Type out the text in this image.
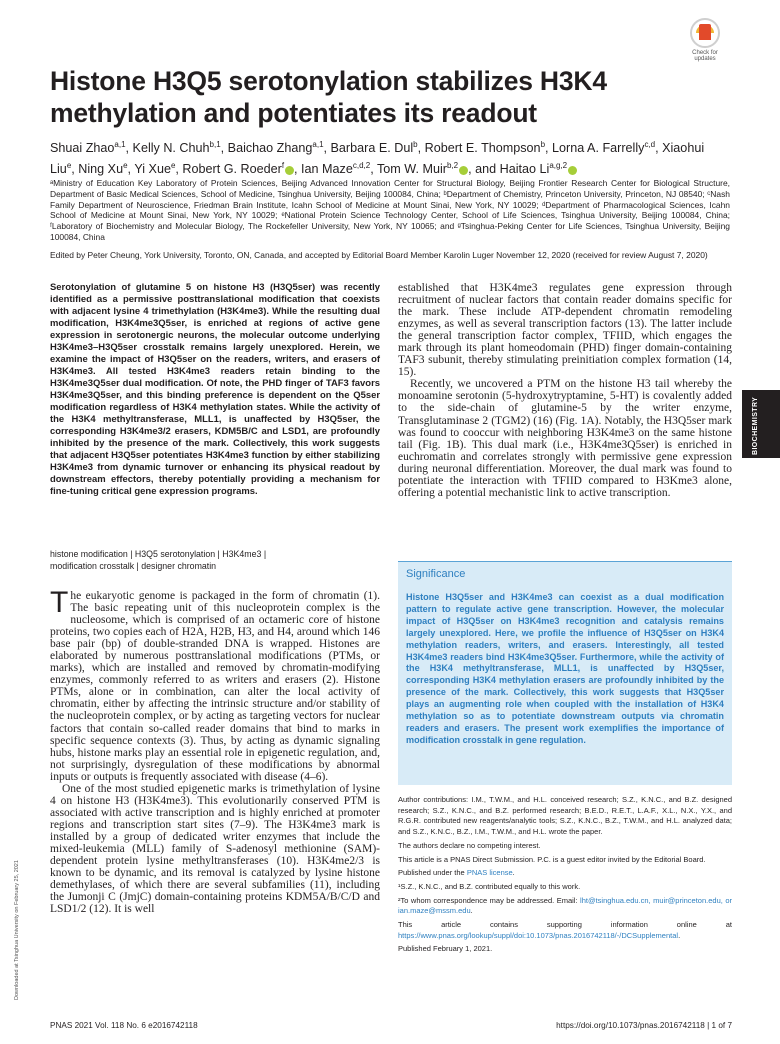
Check for updates
Histone H3Q5 serotonylation stabilizes H3K4 methylation and potentiates its readout
Shuai Zhao$^{a,1}$, Kelly N. Chuh$^{b,1}$, Baichao Zhang$^{a,1}$, Barbara E. Dul$^b$, Robert E. Thompson$^b$, Lorna A. Farrelly$^{c,d}$, Xiaohui Liu$^e$, Ning Xu$^e$, Yi Xue$^e$, Robert G. Roeder$^f$ , Ian Maze$^{c,d,2}$, Tom W. Muir$^{b,2}$ , and Haitao Li$^{a,g,2}$
ᵃMinistry of Education Key Laboratory of Protein Sciences, Beijing Advanced Innovation Center for Structural Biology, Beijing Frontier Research Center for Biological Structure, Department of Basic Medical Sciences, School of Medicine, Tsinghua University, Beijing 100084, China; ᵇDepartment of Chemistry, Princeton University, Princeton, NJ 08540; ᶜNash Family Department of Neuroscience, Friedman Brain Institute, Icahn School of Medicine at Mount Sinai, New York, NY 10029; ᵈDepartment of Pharmacological Sciences, Icahn School of Medicine at Mount Sinai, New York, NY 10029; ᵉNational Protein Science Technology Center, School of Life Sciences, Tsinghua University, Beijing 100084, China; ᶠLaboratory of Biochemistry and Molecular Biology, The Rockefeller University, New York, NY 10065; and ᵍTsinghua-Peking Center for Life Sciences, Tsinghua University, Beijing 100084, China
Edited by Peter Cheung, York University, Toronto, ON, Canada, and accepted by Editorial Board Member Karolin Luger November 12, 2020 (received for review August 7, 2020)
Serotonylation of glutamine 5 on histone H3 (H3Q5ser) was recently identified as a permissive posttranslational modification that coexists with adjacent lysine 4 trimethylation (H3K4me3). While the resulting dual modification, H3K4me3Q5ser, is enriched at regions of active gene expression in serotonergic neurons, the molecular outcome underlying H3K4me3–H3Q5ser crosstalk remains largely unexplored. Herein, we examine the impact of H3Q5ser on the readers, writers, and erasers of H3K4me3. All tested H3K4me3 readers retain binding to the H3K4me3Q5ser dual modification. Of note, the PHD finger of TAF3 favors H3K4me3Q5ser, and this binding preference is dependent on the Q5ser modification regardless of H3K4 methylation states. While the activity of the H3K4 methyltransferase, MLL1, is unaffected by H3Q5ser, the corresponding H3K4me3/2 erasers, KDM5B/C and LSD1, are profoundly inhibited by the presence of the mark. Collectively, this work suggests that adjacent H3Q5ser potentiates H3K4me3 function by either stabilizing H3K4me3 from dynamic turnover or enhancing its physical readout by downstream effectors, thereby potentially providing a mechanism for fine-tuning critical gene expression programs.
histone modification | H3Q5 serotonylation | H3K4me3 |
modification crosstalk | designer chromatin

The eukaryotic genome is packaged in the form of chromatin (1). The basic repeating unit of this nucleoprotein complex is the nucleosome, which is comprised of an octameric core of histone proteins, two copies each of H2A, H2B, H3, and H4, around which 146 base pair (bp) of double-stranded DNA is wrapped. Histones are elaborated by numerous posttranslational modifications (PTMs, or marks), which are installed and removed by chromatin-modifying enzymes, commonly referred to as writers and erasers (2). Histone PTMs, alone or in combination, can alter the local activity of chromatin, either by affecting the intrinsic structure and/or stability of the nucleoprotein complex, or by acting as targeting vectors for nuclear factors that contain so-called reader domains that bind to marks in specific sequence contexts (3). Thus, by acting as dynamic signaling hubs, histone marks play an essential role in epigenetic regulation, and, not surprisingly, dysregulation of these modifications by abnormal inputs or outputs is frequently associated with disease (4–6).

One of the most studied epigenetic marks is trimethylation of lysine 4 on histone H3 (H3K4me3). This evolutionarily conserved PTM is associated with active transcription and is highly enriched at promoter regions and transcription start sites (7–9). The H3K4me3 mark is installed by a group of dedicated writer enzymes that include the mixed-leukemia (MLL) family of S-adenosyl methionine (SAM)-dependent protein lysine methyltransferases (10). H3K4me2/3 is known to be dynamic, and its removal is catalyzed by lysine histone demethylases, of which there are several subfamilies (11), including the Jumonji C (JmjC) domain-containing proteins KDM5A/B/C/D and LSD1/2 (12). It is well

established that H3K4me3 regulates gene expression through recruitment of nuclear factors that contain reader domains specific for the mark. These include ATP-dependent chromatin remodeling enzymes, as well as several transcription factors (13). The latter include the general transcription factor complex, TFIID, which engages the mark through its plant homeodomain (PHD) finger domain-containing TAF3 subunit, thereby stimulating preinitiation complex formation (14, 15).

Recently, we uncovered a PTM on the histone H3 tail whereby the monoamine serotonin (5-hydroxytryptamine, 5-HT) is covalently added to the side-chain of glutamine-5 by the writer enzyme, Transglutaminase 2 (TGM2) (16) (Fig. 1A). Notably, the H3Q5ser mark was found to cooccur with neighboring H3K4me3 on the same histone tail (Fig. 1B). This dual mark (i.e., H3K4me3Q5ser) is enriched in euchromatin and correlates strongly with permissive gene expression during neuronal differentiation. Moreover, the dual mark was found to potentiate the interaction with TFIID compared to H3Kme3 alone, offering a potential mechanistic link to active transcription.

Significance
Histone H3Q5ser and H3K4me3 can coexist as a dual modification pattern to regulate active gene transcription. However, the molecular impact of H3Q5ser on H3K4me3 recognition and catalysis remains largely unexplored. Here, we profile the influence of H3Q5ser on H3K4 methylation readers, writers, and erasers. Interestingly, all tested H3K4me3 readers bind H3K4me3Q5ser. Furthermore, while the activity of the H3K4 methyltransferase, MLL1, is unaffected by H3Q5ser, corresponding H3K4 methylation erasers are profoundly inhibited by the presence of the mark. Collectively, this work suggests that H3Q5ser plays an augmenting role when coupled with the installation of H3K4 methylation so as to potentiate downstream outputs via chromatin readers and erasers. The present work exemplifies the importance of modification crosstalk in gene regulation.

Author contributions: I.M., T.W.M., and H.L. conceived research; S.Z., K.N.C., and B.Z. designed research; S.Z., K.N.C., and B.Z. performed research; B.E.D., R.E.T., L.A.F., X.L., N.X., Y.X., and R.G.R. contributed new reagents/analytic tools; S.Z., K.N.C., B.Z., T.W.M., and H.L. analyzed data; and S.Z., K.N.C., B.Z., I.M., T.W.M., and H.L. wrote the paper.

The authors declare no competing interest.

This article is a PNAS Direct Submission. P.C. is a guest editor invited by the Editorial Board.

Published under the PNAS license.

¹S.Z., K.N.C., and B.Z. contributed equally to this work.

²To whom correspondence may be addressed. Email: lht@tsinghua.edu.cn, muir@princeton.edu, or ian.maze@mssm.edu.

This article contains supporting information online at https://www.pnas.org/lookup/suppl/doi:10.1073/pnas.2016742118/-/DCSupplemental.

Published February 1, 2021.

BIOCHEMISTRY
Downloaded at Tsinghua University on February 25, 2021
PNAS 2021 Vol. 118 No. 6 e2016742118	https://doi.org/10.1073/pnas.2016742118 | 1 of 7
